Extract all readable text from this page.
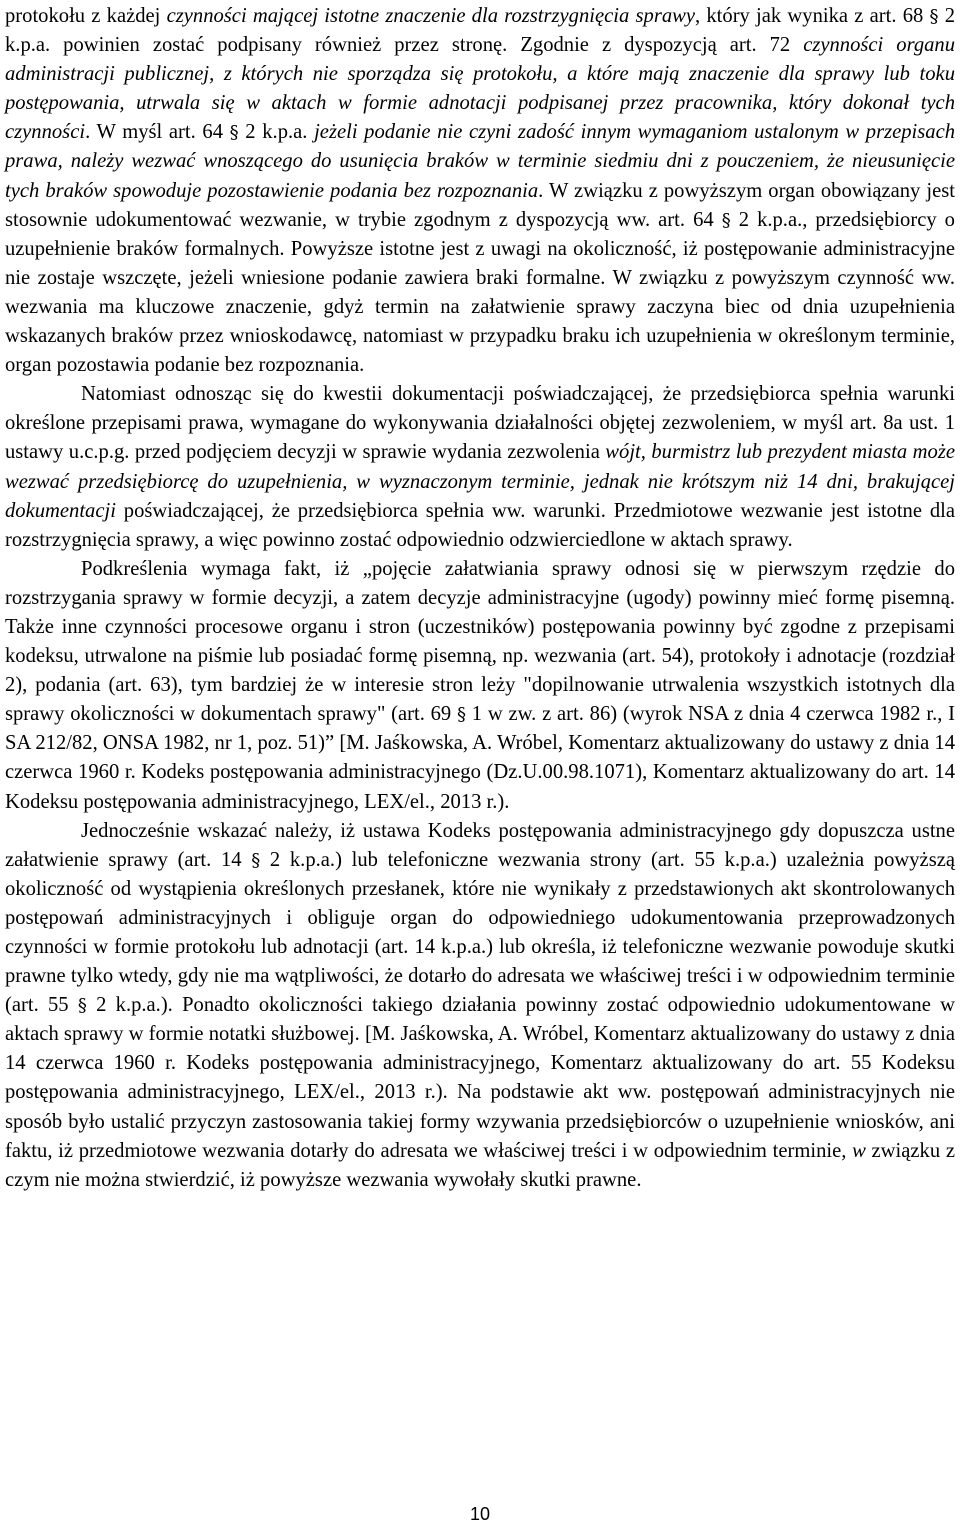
protokołu z każdej czynności mającej istotne znaczenie dla rozstrzygnięcia sprawy, który jak wynika z art. 68 § 2 k.p.a. powinien zostać podpisany również przez stronę. Zgodnie z dyspozycją art. 72 czynności organu administracji publicznej, z których nie sporządza się protokołu, a które mają znaczenie dla sprawy lub toku postępowania, utrwala się w aktach w formie adnotacji podpisanej przez pracownika, który dokonał tych czynności. W myśl art. 64 § 2 k.p.a. jeżeli podanie nie czyni zadość innym wymaganiom ustalonym w przepisach prawa, należy wezwać wnoszącego do usunięcia braków w terminie siedmiu dni z pouczeniem, że nieusunięcie tych braków spowoduje pozostawienie podania bez rozpoznania. W związku z powyższym organ obowiązany jest stosownie udokumentować wezwanie, w trybie zgodnym z dyspozycją ww. art. 64 § 2 k.p.a., przedsiębiorcy o uzupełnienie braków formalnych. Powyższe istotne jest z uwagi na okoliczność, iż postępowanie administracyjne nie zostaje wszczęte, jeżeli wniesione podanie zawiera braki formalne. W związku z powyższym czynność ww. wezwania ma kluczowe znaczenie, gdyż termin na załatwienie sprawy zaczyna biec od dnia uzupełnienia wskazanych braków przez wnioskodawcę, natomiast w przypadku braku ich uzupełnienia w określonym terminie, organ pozostawia podanie bez rozpoznania.

Natomiast odnosząc się do kwestii dokumentacji poświadczającej, że przedsiębiorca spełnia warunki określone przepisami prawa, wymagane do wykonywania działalności objętej zezwoleniem, w myśl art. 8a ust. 1 ustawy u.c.p.g. przed podjęciem decyzji w sprawie wydania zezwolenia wójt, burmistrz lub prezydent miasta może wezwać przedsiębiorcę do uzupełnienia, w wyznaczonym terminie, jednak nie krótszym niż 14 dni, brakującej dokumentacji poświadczającej, że przedsiębiorca spełnia ww. warunki. Przedmiotowe wezwanie jest istotne dla rozstrzygnięcia sprawy, a więc powinno zostać odpowiednio odzwierciedlone w aktach sprawy.

Podkreślenia wymaga fakt, iż „pojęcie załatwiania sprawy odnosi się w pierwszym rzędzie do rozstrzygania sprawy w formie decyzji, a zatem decyzje administracyjne (ugody) powinny mieć formę pisemną. Także inne czynności procesowe organu i stron (uczestników) postępowania powinny być zgodne z przepisami kodeksu, utrwalone na piśmie lub posiadać formę pisemną, np. wezwania (art. 54), protokoły i adnotacje (rozdział 2), podania (art. 63), tym bardziej że w interesie stron leży "dopilnowanie utrwalenia wszystkich istotnych dla sprawy okoliczności w dokumentach sprawy" (art. 69 § 1 w zw. z art. 86) (wyrok NSA z dnia 4 czerwca 1982 r., I SA 212/82, ONSA 1982, nr 1, poz. 51)” [M. Jaśkowska, A. Wróbel, Komentarz aktualizowany do ustawy z dnia 14 czerwca 1960 r. Kodeks postępowania administracyjnego (Dz.U.00.98.1071), Komentarz aktualizowany do art. 14 Kodeksu postępowania administracyjnego, LEX/el., 2013 r.).

Jednocześnie wskazać należy, iż ustawa Kodeks postępowania administracyjnego gdy dopuszcza ustne załatwienie sprawy (art. 14 § 2 k.p.a.) lub telefoniczne wezwania strony (art. 55 k.p.a.) uzależnia powyższą okoliczność od wystąpienia określonych przesłanek, które nie wynikały z przedstawionych akt skontrolowanych postępowań administracyjnych i obliguje organ do odpowiedniego udokumentowania przeprowadzonych czynności w formie protokołu lub adnotacji (art. 14 k.p.a.) lub określa, iż telefoniczne wezwanie powoduje skutki prawne tylko wtedy, gdy nie ma wątpliwości, że dotarło do adresata we właściwej treści i w odpowiednim terminie (art. 55 § 2 k.p.a.). Ponadto okoliczności takiego działania powinny zostać odpowiednio udokumentowane w aktach sprawy w formie notatki służbowej. [M. Jaśkowska, A. Wróbel, Komentarz aktualizowany do ustawy z dnia 14 czerwca 1960 r. Kodeks postępowania administracyjnego, Komentarz aktualizowany do art. 55 Kodeksu postępowania administracyjnego, LEX/el., 2013 r.). Na podstawie akt ww. postępowań administracyjnych nie sposób było ustalić przyczyn zastosowania takiej formy wzywania przedsiębiorców o uzupełnienie wniosków, ani faktu, iż przedmiotowe wezwania dotarły do adresata we właściwej treści i w odpowiednim terminie, w związku z czym nie można stwierdzić, iż powyższe wezwania wywołały skutki prawne.

10
